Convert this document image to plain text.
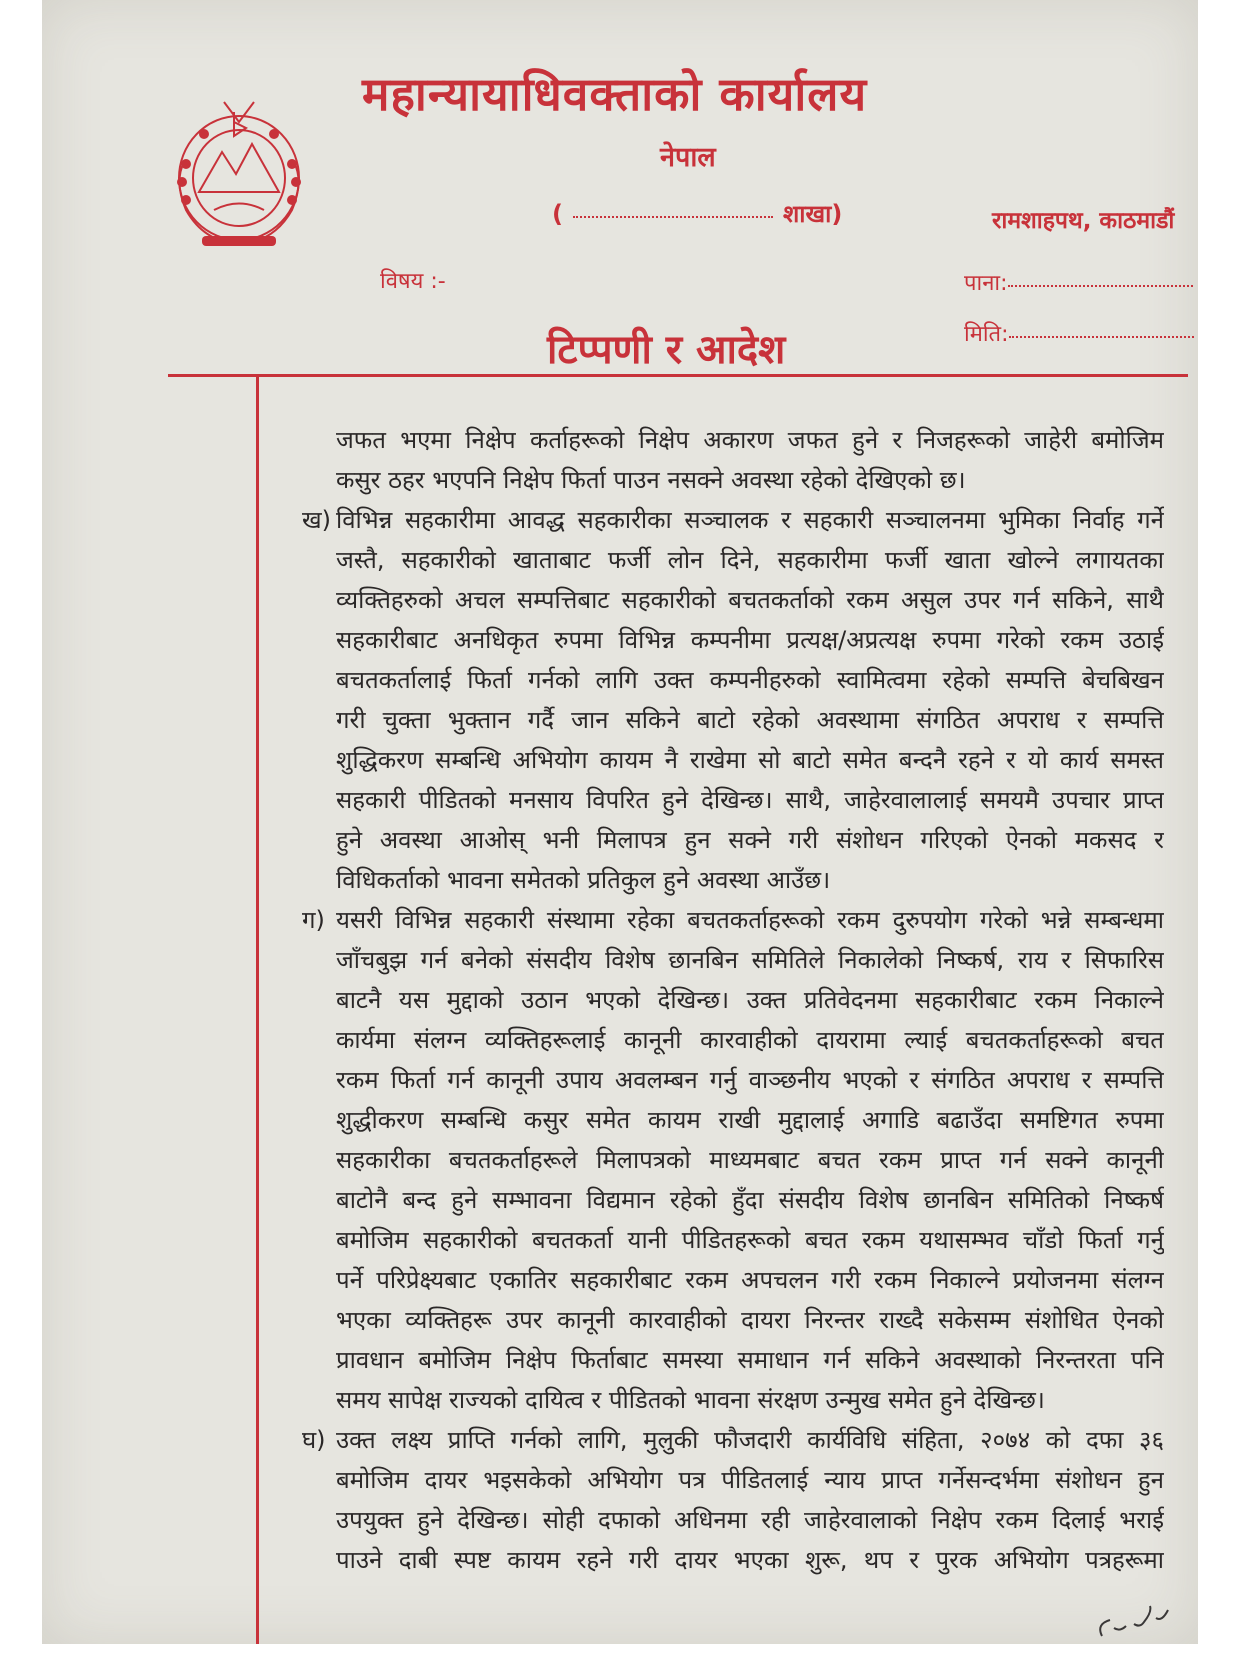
महान्यायाधिवक्ताको कार्यालय
नेपाल
(	शाखा)	रामशाहपथ, काठमाडौं
विषय :-	पाना:
टिप्पणी र आदेश	मिति:
जफत भएमा निक्षेप कर्ताहरूको निक्षेप अकारण जफत हुने र निजहरूको जाहेरी बमोजिम
कसुर ठहर भएपनि निक्षेप फिर्ता पाउन नसक्ने अवस्था रहेको देखिएको छ।
ख) विभिन्न सहकारीमा आवद्ध सहकारीका सञ्चालक र सहकारी सञ्चालनमा भुमिका निर्वाह गर्ने
जस्तै, सहकारीको खाताबाट फर्जी लोन दिने, सहकारीमा फर्जी खाता खोल्ने लगायतका
व्यक्तिहरुको अचल सम्पत्तिबाट सहकारीको बचतकर्ताको रकम असुल उपर गर्न सकिने, साथै
सहकारीबाट अनधिकृत रुपमा विभिन्न कम्पनीमा प्रत्यक्ष/अप्रत्यक्ष रुपमा गरेको रकम उठाई
बचतकर्तालाई फिर्ता गर्नको लागि उक्त कम्पनीहरुको स्वामित्वमा रहेको सम्पत्ति बेचबिखन
गरी चुक्ता भुक्तान गर्दै जान सकिने बाटो रहेको अवस्थामा संगठित अपराध र सम्पत्ति
शुद्धिकरण सम्बन्धि अभियोग कायम नै राखेमा सो बाटो समेत बन्दनै रहने र यो कार्य समस्त
सहकारी पीडितको मनसाय विपरित हुने देखिन्छ। साथै, जाहेरवालालाई समयमै उपचार प्राप्त
हुने अवस्था आओस् भनी मिलापत्र हुन सक्ने गरी संशोधन गरिएको ऐनको मकसद र
विधिकर्ताको भावना समेतको प्रतिकुल हुने अवस्था आउँछ।
ग) यसरी विभिन्न सहकारी संस्थामा रहेका बचतकर्ताहरूको रकम दुरुपयोग गरेको भन्ने सम्बन्धमा
जाँचबुझ गर्न बनेको संसदीय विशेष छानबिन समितिले निकालेको निष्कर्ष, राय र सिफारिस
बाटनै यस मुद्दाको उठान भएको देखिन्छ। उक्त प्रतिवेदनमा सहकारीबाट रकम निकाल्ने
कार्यमा संलग्न व्यक्तिहरूलाई कानूनी कारवाहीको दायरामा ल्याई बचतकर्ताहरूको बचत
रकम फिर्ता गर्न कानूनी उपाय अवलम्बन गर्नु वाञ्छनीय भएको र संगठित अपराध र सम्पत्ति
शुद्धीकरण सम्बन्धि कसुर समेत कायम राखी मुद्दालाई अगाडि बढाउँदा समष्टिगत रुपमा
सहकारीका बचतकर्ताहरूले मिलापत्रको माध्यमबाट बचत रकम प्राप्त गर्न सक्ने कानूनी
बाटोनै बन्द हुने सम्भावना विद्यमान रहेको हुँदा संसदीय विशेष छानबिन समितिको निष्कर्ष
बमोजिम सहकारीको बचतकर्ता यानी पीडितहरूको बचत रकम यथासम्भव चाँडो फिर्ता गर्नु
पर्ने परिप्रेक्ष्यबाट एकातिर सहकारीबाट रकम अपचलन गरी रकम निकाल्ने प्रयोजनमा संलग्न
भएका व्यक्तिहरू उपर कानूनी कारवाहीको दायरा निरन्तर राख्दै सकेसम्म संशोधित ऐनको
प्रावधान बमोजिम निक्षेप फिर्ताबाट समस्या समाधान गर्न सकिने अवस्थाको निरन्तरता पनि
समय सापेक्ष राज्यको दायित्व र पीडितको भावना संरक्षण उन्मुख समेत हुने देखिन्छ।
घ) उक्त लक्ष्य प्राप्ति गर्नको लागि, मुलुकी फौजदारी कार्यविधि संहिता, २०७४ को दफा ३६
बमोजिम दायर भइसकेको अभियोग पत्र पीडितलाई न्याय प्राप्त गर्नेसन्दर्भमा संशोधन हुन
उपयुक्त हुने देखिन्छ। सोही दफाको अधिनमा रही जाहेरवालाको निक्षेप रकम दिलाई भराई
पाउने दाबी स्पष्ट कायम रहने गरी दायर भएका शुरू, थप र पुरक अभियोग पत्रहरूमा
